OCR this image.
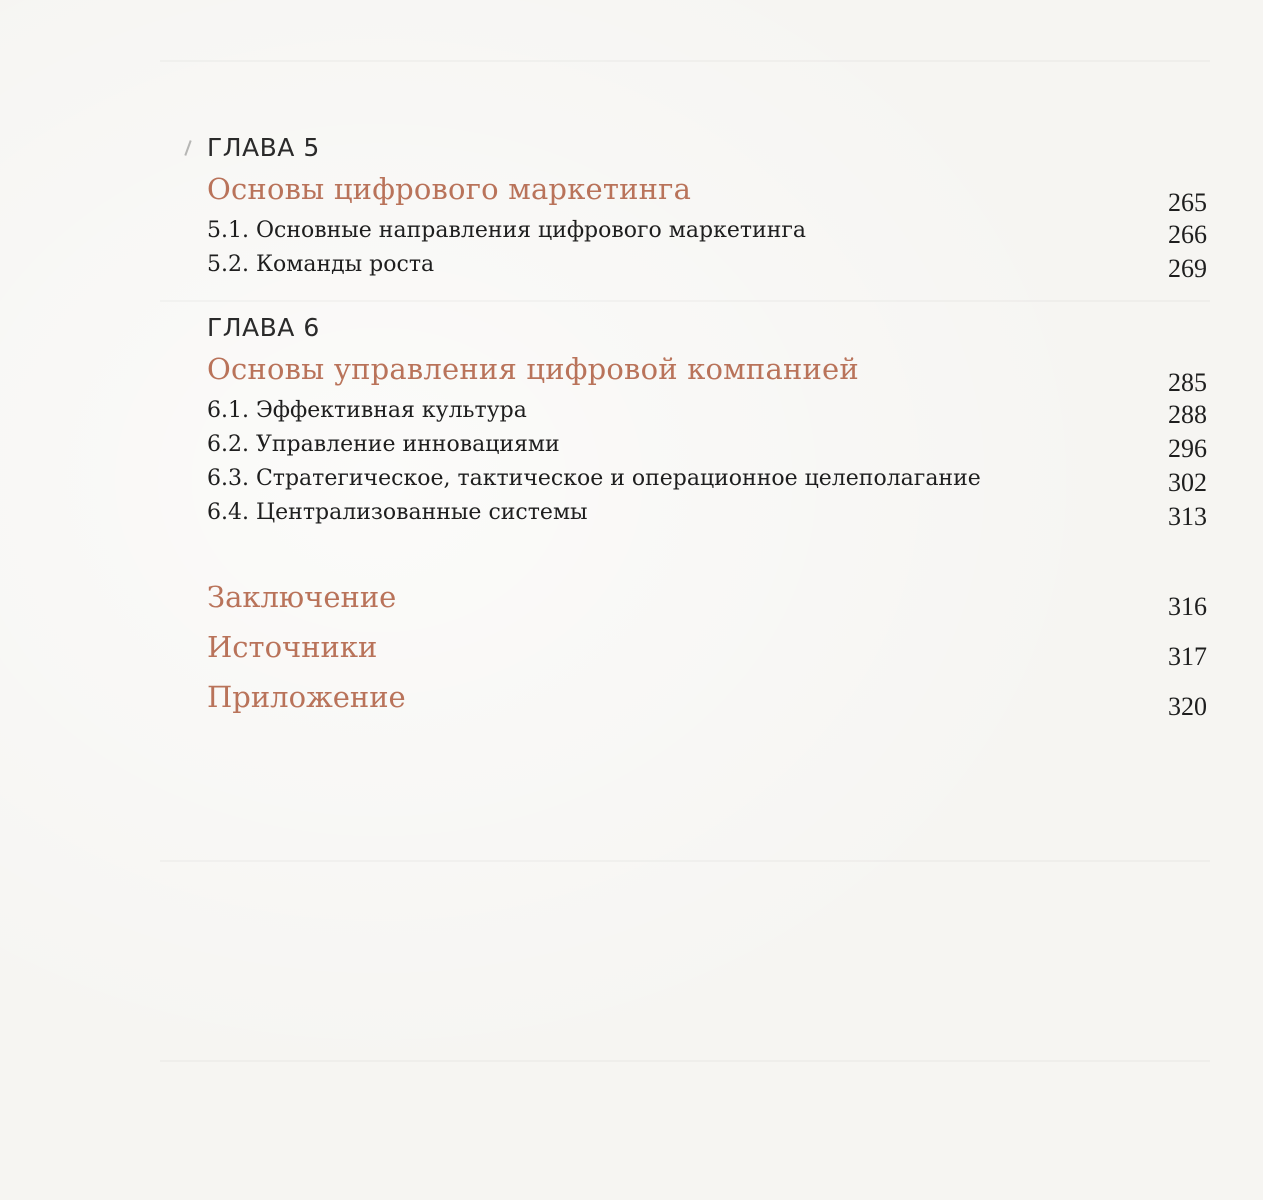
ГЛАВА 5
Основы цифрового маркетинга	265
5.1. Основные направления цифрового маркетинга	266
5.2. Команды роста	269
ГЛАВА 6
Основы управления цифровой компанией	285
6.1. Эффективная культура	288
6.2. Управление инновациями	296
6.3. Стратегическое, тактическое и операционное целеполагание	302
6.4. Централизованные системы	313
Заключение	316
Источники	317
Приложение	320
